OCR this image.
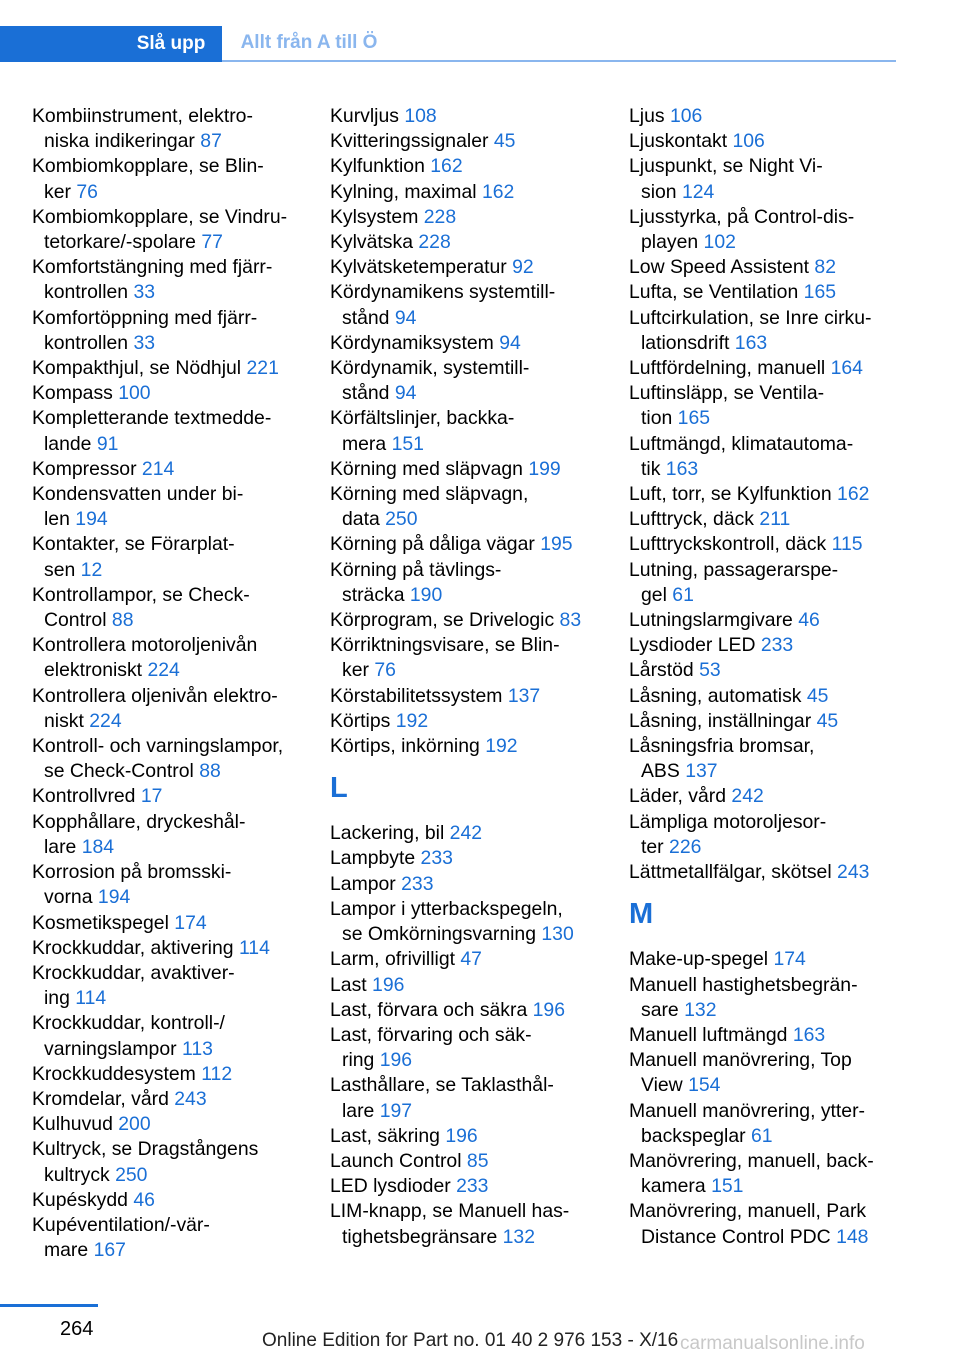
Slå upp	Allt från A till Ö
Kombiinstrument, elektro-
niska indikeringar 87
Kombiomkopplare, se Blin-
ker 76
Kombiomkopplare, se Vindru-
tetorkare/-spolare 77
Komfortstängning med fjärr-
kontrollen 33
Komfortöppning med fjärr-
kontrollen 33
Kompakthjul, se Nödhjul 221
Kompass 100
Kompletterande textmedde-
lande 91
Kompressor 214
Kondensvatten under bi-
len 194
Kontakter, se Förarplat-
sen 12
Kontrollampor, se Check-
Control 88
Kontrollera motoroljenivån
elektroniskt 224
Kontrollera oljenivån elektro-
niskt 224
Kontroll- och varningslampor,
se Check-Control 88
Kontrollvred 17
Kopphållare, dryckeshål-
lare 184
Korrosion på bromsski-
vorna 194
Kosmetikspegel 174
Krockkuddar, aktivering 114
Krockkuddar, avaktiver-
ing 114
Krockkuddar, kontroll-/
varningslampor 113
Krockkuddesystem 112
Kromdelar, vård 243
Kulhuvud 200
Kultryck, se Dragstångens
kultryck 250
Kupéskydd 46
Kupéventilation/-vär-
mare 167
Kurvljus 108
Kvitteringssignaler 45
Kylfunktion 162
Kylning, maximal 162
Kylsystem 228
Kylvätska 228
Kylvätsketemperatur 92
Kördynamikens systemtill-
stånd 94
Kördynamiksystem 94
Kördynamik, systemtill-
stånd 94
Körfältslinjer, backka-
mera 151
Körning med släpvagn 199
Körning med släpvagn,
data 250
Körning på dåliga vägar 195
Körning på tävlings-
sträcka 190
Körprogram, se Drivelogic 83
Körriktningsvisare, se Blin-
ker 76
Körstabilitetssystem 137
Körtips 192
Körtips, inkörning 192
L
Lackering, bil 242
Lampbyte 233
Lampor 233
Lampor i ytterbackspegeln,
se Omkörningsvarning 130
Larm, ofrivilligt 47
Last 196
Last, förvara och säkra 196
Last, förvaring och säk-
ring 196
Lasthållare, se Taklasthål-
lare 197
Last, säkring 196
Launch Control 85
LED lysdioder 233
LIM-knapp, se Manuell has-
tighetsbegränsare 132
Ljus 106
Ljuskontakt 106
Ljuspunkt, se Night Vi-
sion 124
Ljusstyrka, på Control-dis-
playen 102
Low Speed Assistent 82
Lufta, se Ventilation 165
Luftcirkulation, se Inre cirku-
lationsdrift 163
Luftfördelning, manuell 164
Luftinsläpp, se Ventila-
tion 165
Luftmängd, klimatautoma-
tik 163
Luft, torr, se Kylfunktion 162
Lufttryck, däck 211
Lufttryckskontroll, däck 115
Lutning, passagerarspe-
gel 61
Lutningslarmgivare 46
Lysdioder LED 233
Lårstöd 53
Låsning, automatisk 45
Låsning, inställningar 45
Låsningsfria bromsar,
ABS 137
Läder, vård 242
Lämpliga motoroljesor-
ter 226
Lättmetallfälgar, skötsel 243
M
Make-up-spegel 174
Manuell hastighetsbegrän-
sare 132
Manuell luftmängd 163
Manuell manövrering, Top
View 154
Manuell manövrering, ytter-
backspeglar 61
Manövrering, manuell, back-
kamera 151
Manövrering, manuell, Park
Distance Control PDC 148
264
Online Edition for Part no. 01 40 2 976 153 - X/16 carmanualsonline.info
